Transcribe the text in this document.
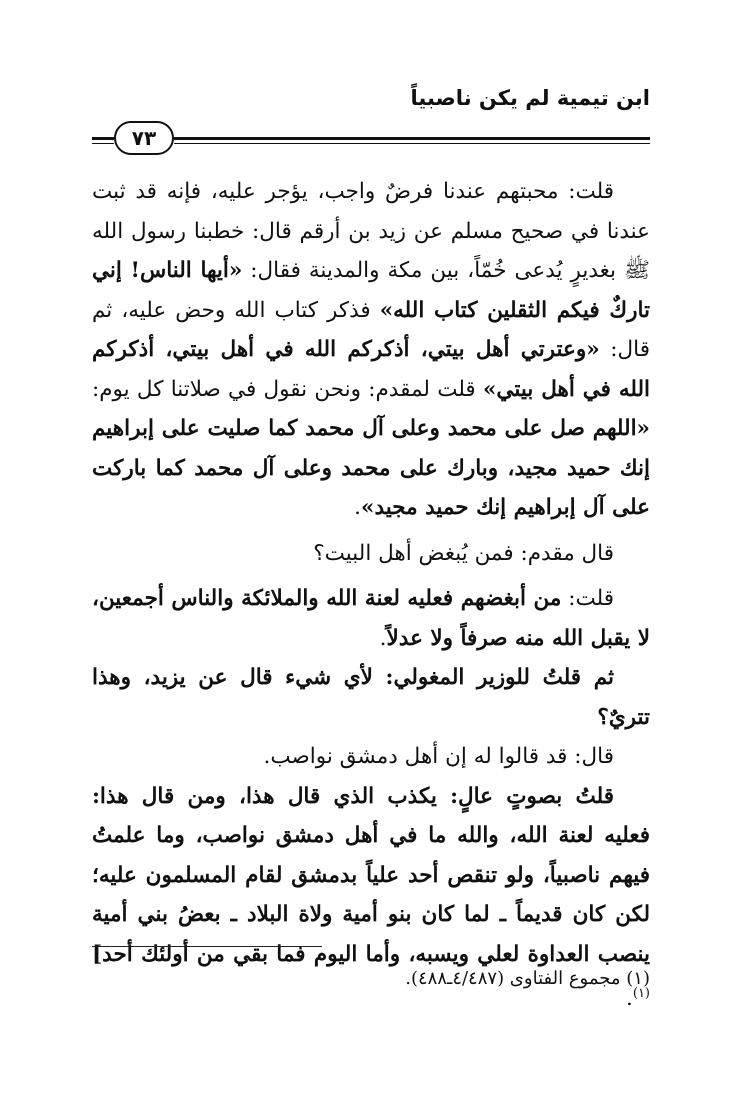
ابن تيمية لم يكن ناصبياً
٧٣

قلت: محبتهم عندنا فرضٌ واجب، يؤجر عليه، فإنه قد ثبت عندنا في صحيح مسلم عن زيد بن أرقم قال: خطبنا رسول الله ﷺ بغديرٍ يُدعى خُمّاً، بين مكة والمدينة فقال: «أيها الناس! إني تاركٌ فيكم الثقلين كتاب الله» فذكر كتاب الله وحض عليه، ثم قال: «وعترتي أهل بيتي، أذكركم الله في أهل بيتي، أذكركم الله في أهل بيتي» قلت لمقدم: ونحن نقول في صلاتنا كل يوم: «اللهم صل على محمد وعلى آل محمد كما صليت على إبراهيم إنك حميد مجيد، وبارك على محمد وعلى آل محمد كما باركت على آل إبراهيم إنك حميد مجيد».

قال مقدم: فمن يُبغض أهل البيت؟

قلت: من أبغضهم فعليه لعنة الله والملائكة والناس أجمعين، لا يقبل الله منه صرفاً ولا عدلاً.

ثم قلتُ للوزير المغولي: لأي شيء قال عن يزيد، وهذا تتريٌ؟

قال: قد قالوا له إن أهل دمشق نواصب.

قلتُ بصوتٍ عالٍ: يكذب الذي قال هذا، ومن قال هذا: فعليه لعنة الله، والله ما في أهل دمشق نواصب، وما علمتُ فيهم ناصبياً، ولو تنقص أحد علياً بدمشق لقام المسلمون عليه؛ لكن كان قديماً ـ لما كان بنو أمية ولاة البلاد ـ بعضُ بني أمية ينصب العداوة لعلي ويسبه، وأما اليوم فما بقي من أولئك أحد]$^{(١)}$.

(١) مجموع الفتاوى (٤/٤٨٧ـ٤٨٨).
